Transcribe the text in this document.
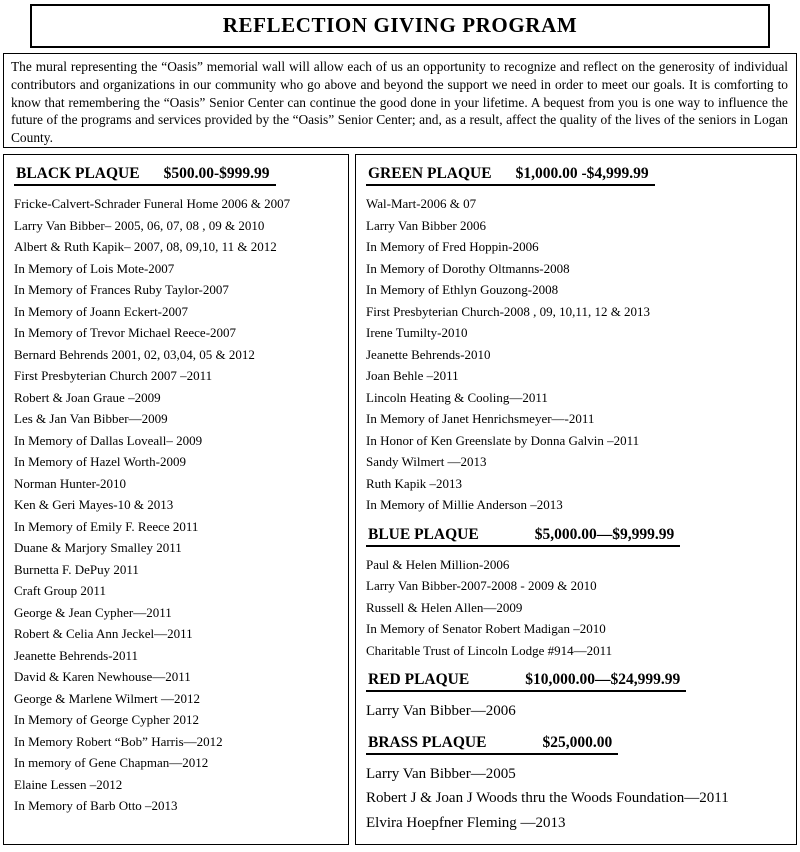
REFLECTION GIVING PROGRAM

The mural representing the “Oasis” memorial wall will allow each of us an opportunity to recognize and reflect on the generosity of individual contributors and organizations in our community who go above and beyond the support we need in order to meet our goals. It is comforting to know that remembering the “Oasis” Senior Center can continue the good done in your lifetime. A bequest from you is one way to influence the future of the programs and services provided by the “Oasis” Senior Center; and, as a result, affect the quality of the lives of the seniors in Logan County.

BLACK PLAQUE $500.00-$999.99
Fricke-Calvert-Schrader Funeral Home 2006 & 2007
Larry Van Bibber– 2005, 06, 07, 08 , 09 & 2010
Albert & Ruth Kapik– 2007, 08, 09,10, 11 & 2012
In Memory of Lois Mote-2007
In Memory of Frances Ruby Taylor-2007
In Memory of Joann Eckert-2007
In Memory of Trevor Michael Reece-2007
Bernard Behrends 2001, 02, 03,04, 05 & 2012
First Presbyterian Church 2007 –2011
Robert & Joan Graue –2009
Les & Jan Van Bibber—2009
In Memory of Dallas Loveall– 2009
In Memory of Hazel Worth-2009
Norman Hunter-2010
Ken & Geri Mayes-10 & 2013
In Memory of Emily F. Reece 2011
Duane & Marjory Smalley 2011
Burnetta F. DePuy 2011
Craft Group 2011
George & Jean Cypher—2011
Robert & Celia Ann Jeckel—2011
Jeanette Behrends-2011
David & Karen Newhouse—2011
George & Marlene Wilmert —2012
In Memory of George Cypher 2012
In Memory Robert “Bob” Harris—2012
In memory of Gene Chapman—2012
Elaine Lessen –2012
In Memory of Barb Otto –2013
GREEN PLAQUE $1,000.00 -$4,999.99
Wal-Mart-2006 & 07
Larry Van Bibber 2006
In Memory of Fred Hoppin-2006
In Memory of Dorothy Oltmanns-2008
In Memory of Ethlyn Gouzong-2008
First Presbyterian Church-2008 , 09, 10,11, 12 & 2013
Irene Tumilty-2010
Jeanette Behrends-2010
Joan Behle –2011
Lincoln Heating & Cooling—2011
In Memory of Janet Henrichsmeyer—-2011
In Honor of Ken Greenslate by Donna Galvin –2011
Sandy Wilmert —2013
Ruth Kapik –2013
In Memory of Millie Anderson –2013
BLUE PLAQUE	$5,000.00—$9,999.99
Paul & Helen Million-2006
Larry Van Bibber-2007-2008 - 2009 & 2010
Russell & Helen Allen—2009
In Memory of Senator Robert Madigan –2010
Charitable Trust of Lincoln Lodge #914—2011
RED PLAQUE	$10,000.00—$24,999.99
Larry Van Bibber—2006
BRASS PLAQUE	$25,000.00
Larry Van Bibber—2005
Robert J & Joan J Woods thru the Woods Foundation—2011
Elvira Hoepfner Fleming —2013
